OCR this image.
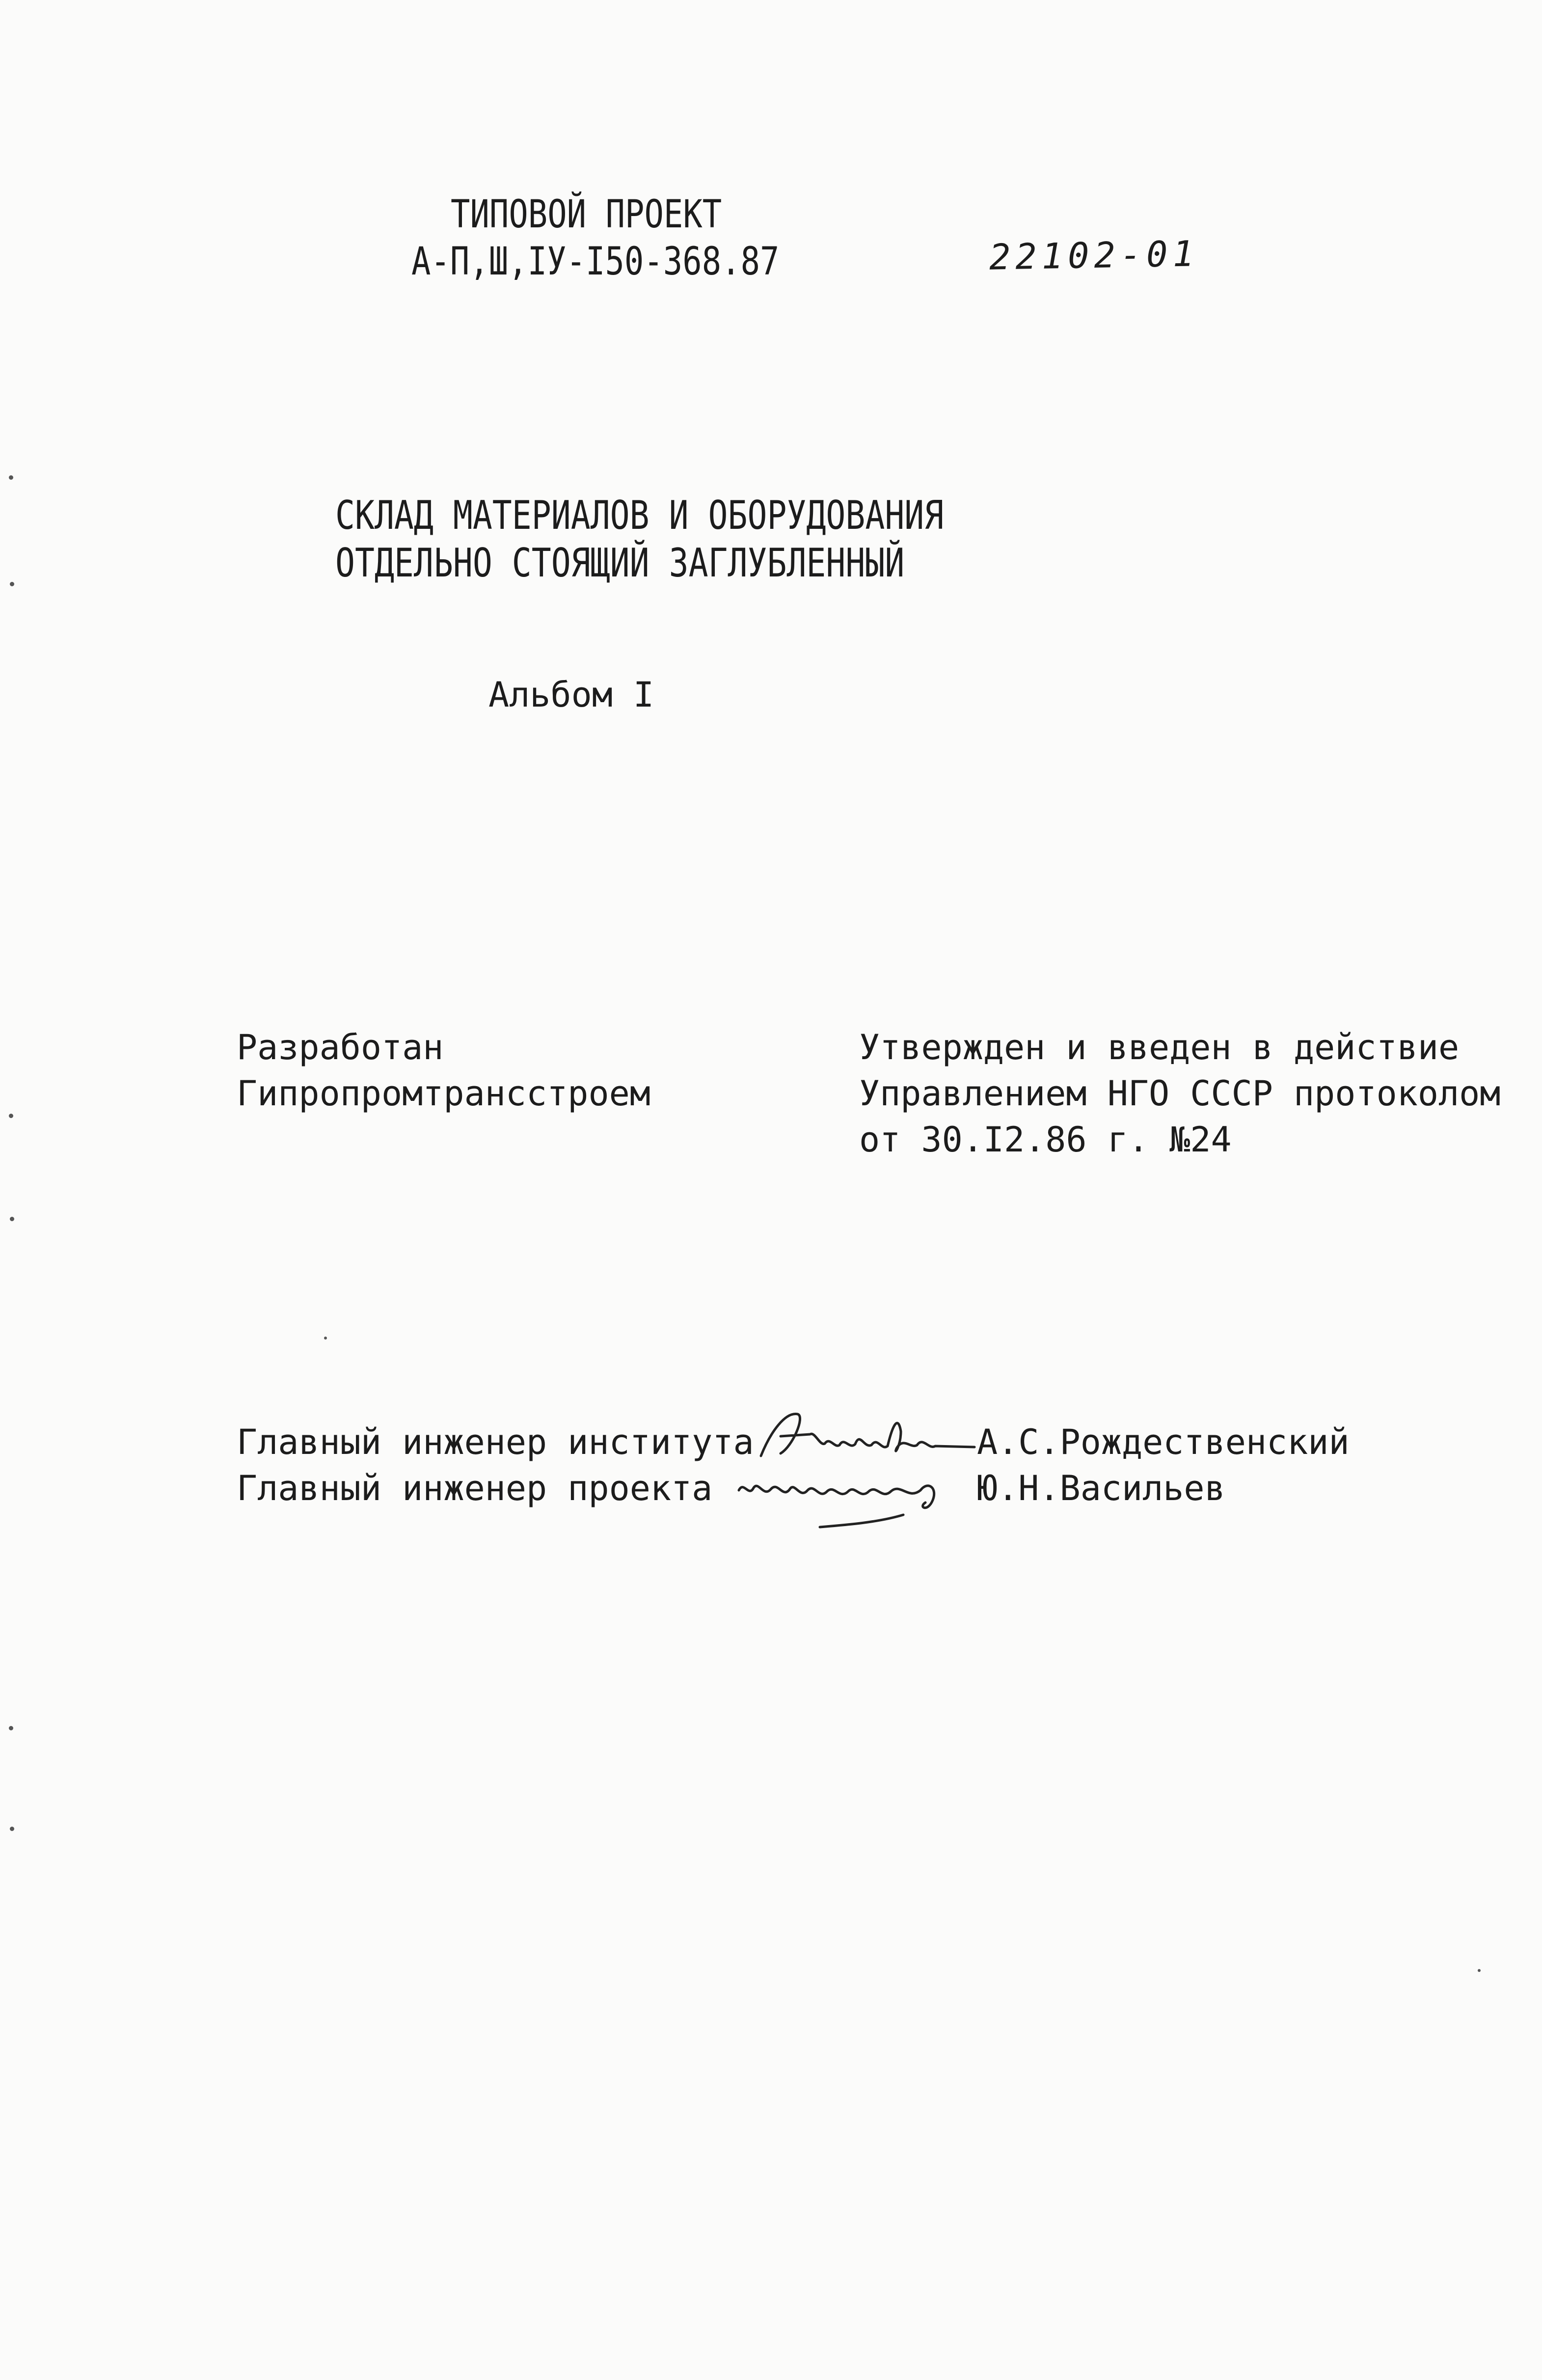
ТИПОВОЙ ПРОЕКТ
А-П,Ш,IУ-I50-368.87	22102-01
СКЛАД МАТЕРИАЛОВ И ОБОРУДОВАНИЯ
ОТДЕЛЬНО СТОЯЩИЙ ЗАГЛУБЛЕННЫЙ
Альбом I
Разработан
Гипропромтрансстроем
Утвержден и введен в действие
Управлением НГО СССР протоколом
от 30.I2.86 г. №24
Главный инженер института	А.С.Рождественский
Главный инженер проекта	Ю.Н.Васильев
